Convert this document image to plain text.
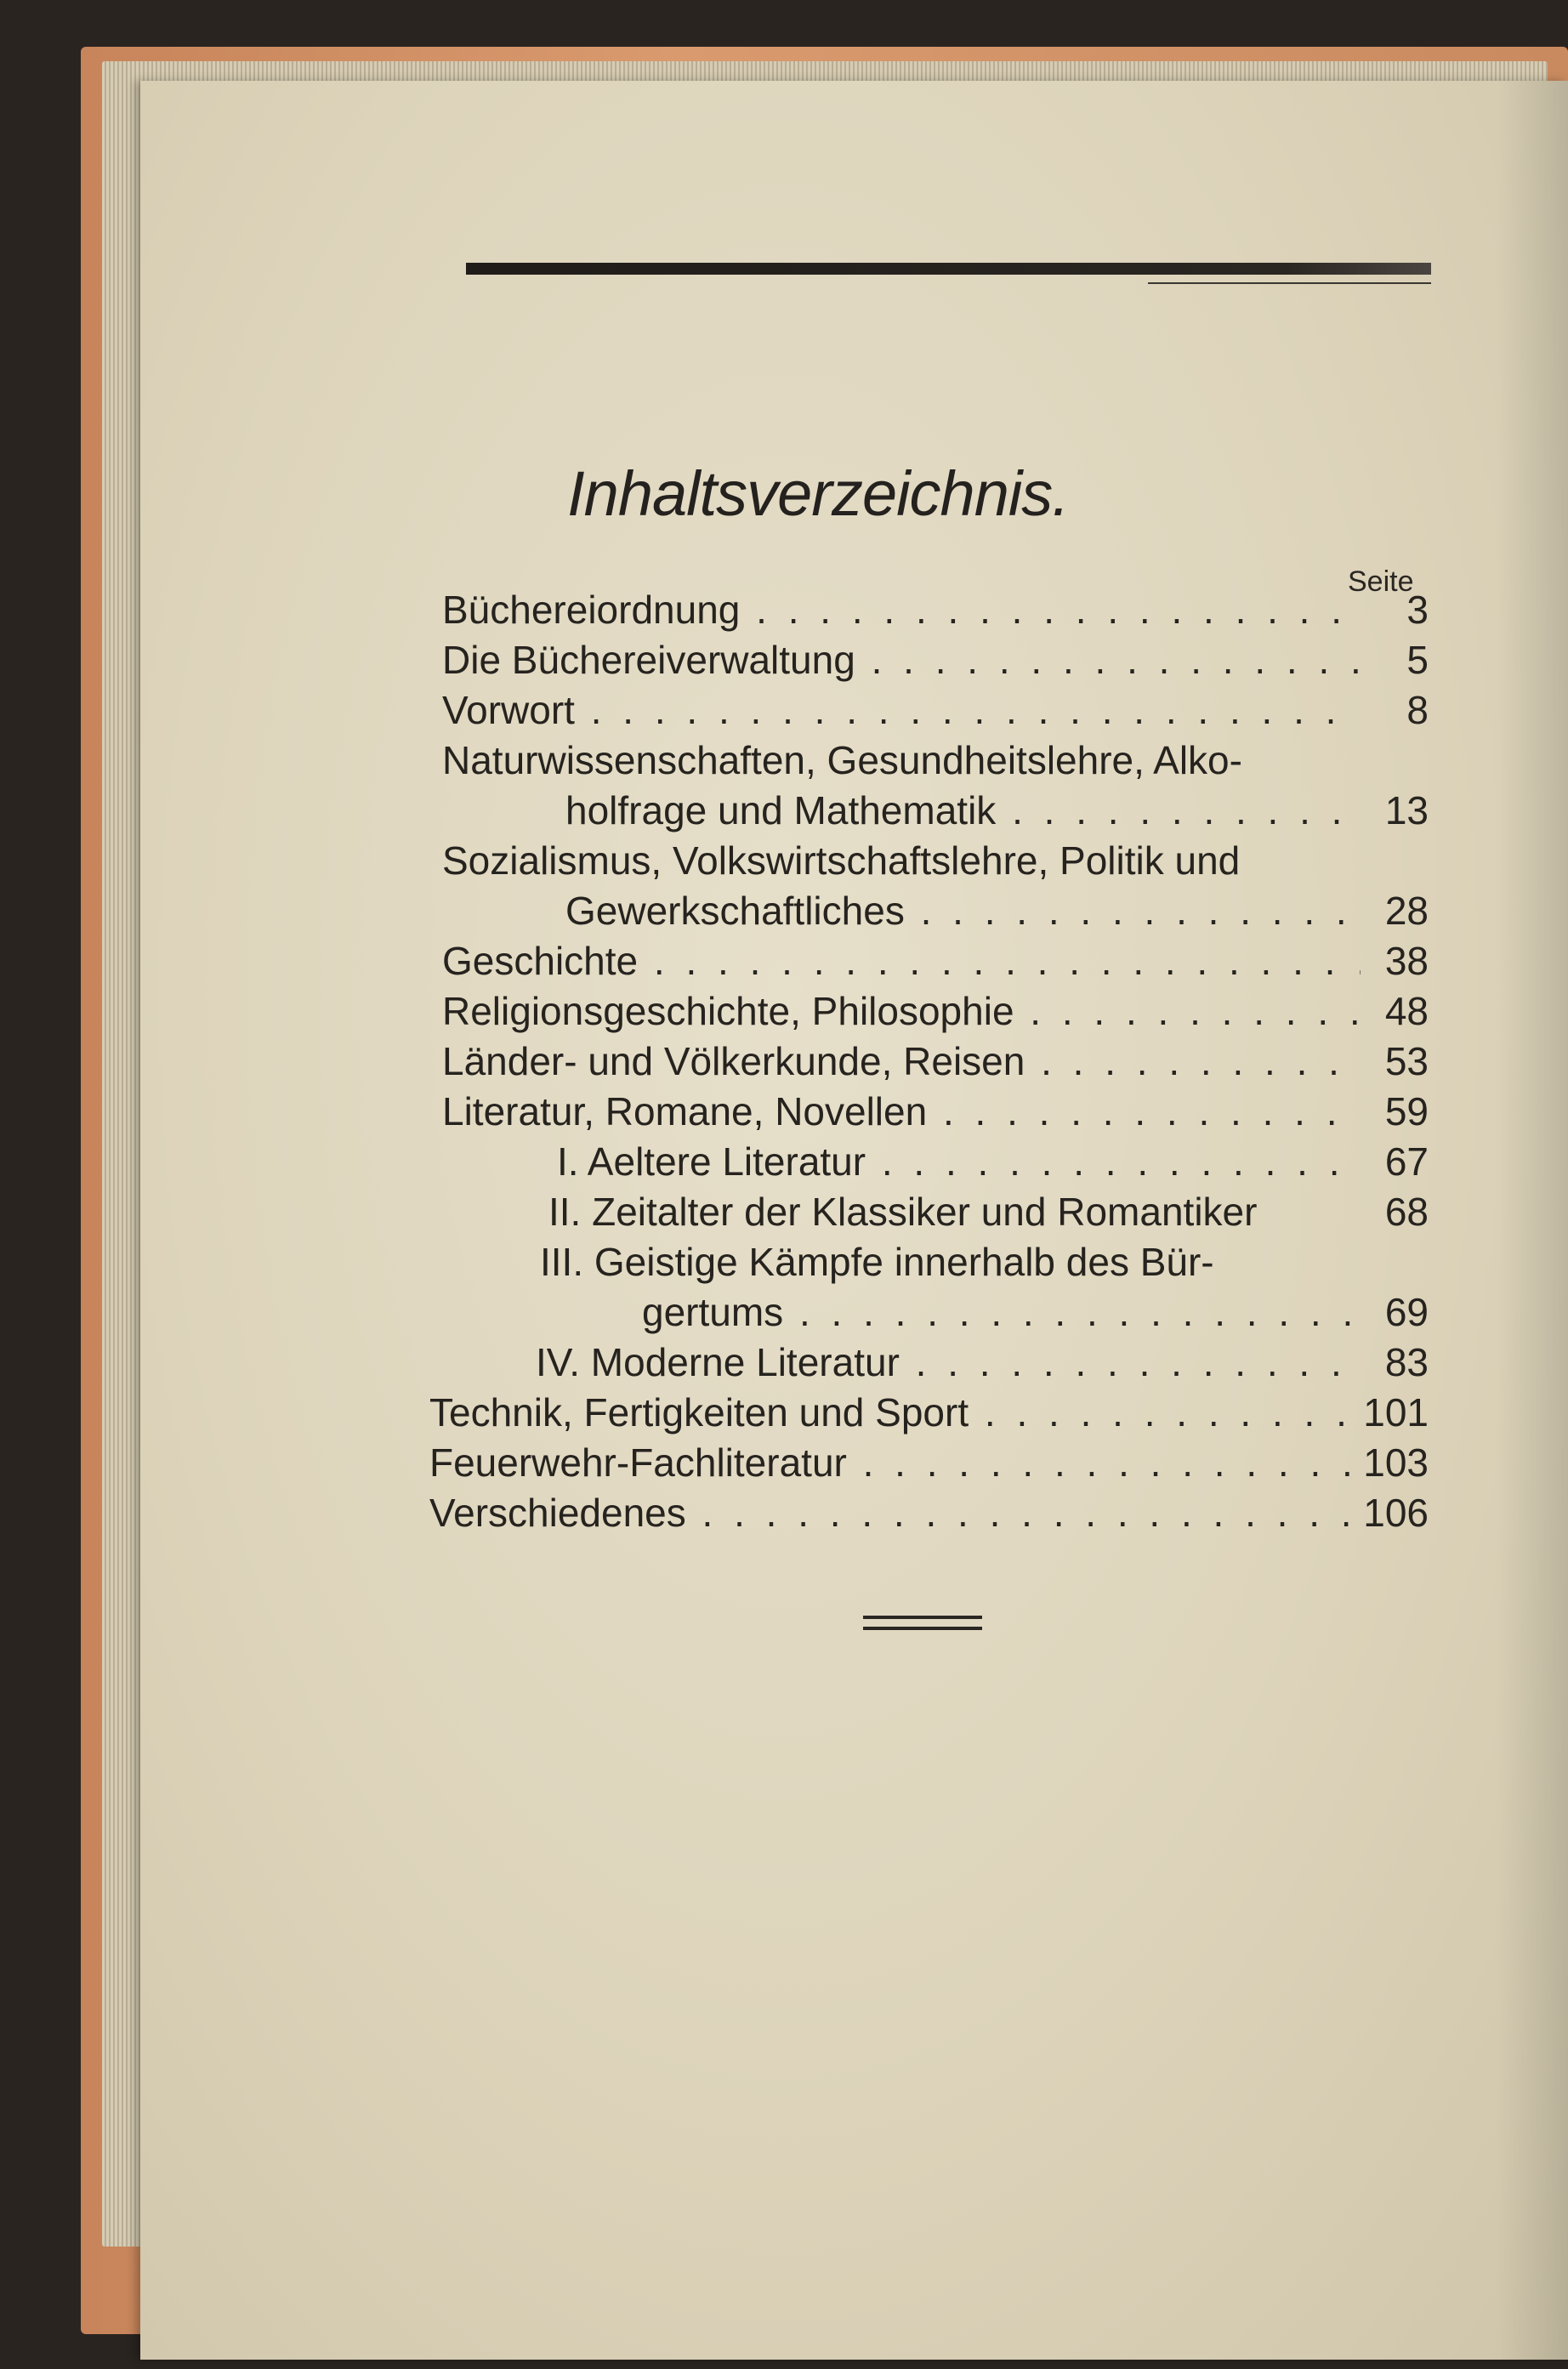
Inhaltsverzeichnis.
Seite
Büchereiordnung . . .	3
Die Büchereiverwaltung . . .	5
Vorwort . . .	8
Naturwissenschaften, Gesundheitslehre, Alko-
holfrage und Mathematik . . .	13
Sozialismus, Volkswirtschaftslehre, Politik und
Gewerkschaftliches . . .	28
Geschichte . . .	38
Religionsgeschichte, Philosophie . . .	48
Länder- und Völkerkunde, Reisen . . .	53
Literatur, Romane, Novellen . . .	59
I. Aeltere Literatur . . .	67
II. Zeitalter der Klassiker und Romantiker	68
III. Geistige Kämpfe innerhalb des Bür-
gertums . . .	69
IV. Moderne Literatur . . .	83
Technik, Fertigkeiten und Sport . . .	101
Feuerwehr-Fachliteratur . . .	103
Verschiedenes . . .	106
